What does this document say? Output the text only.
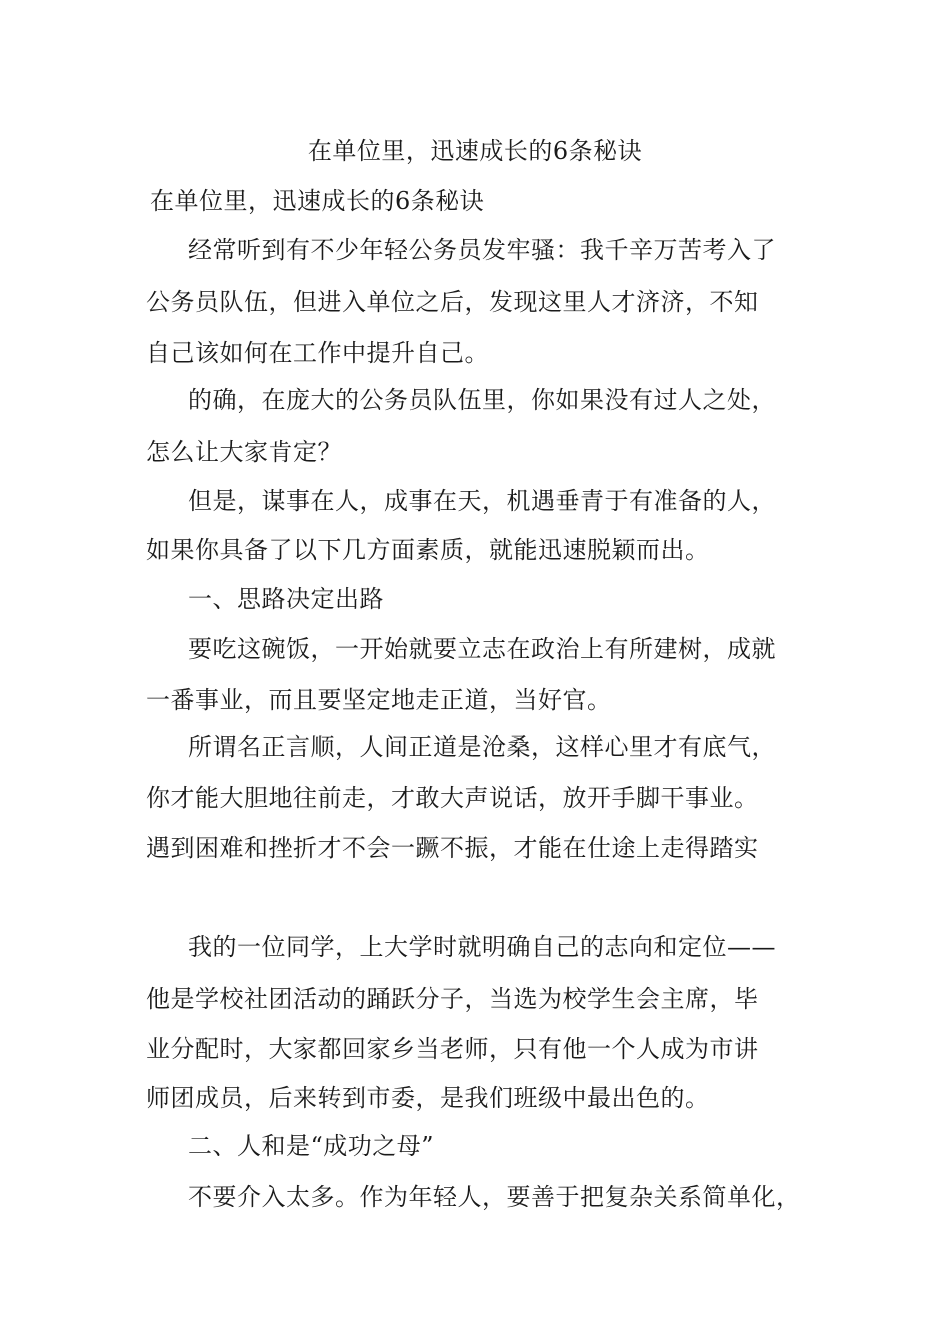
在单位里，迅速成长的6条秘诀
在单位里，迅速成长的6条秘诀
经常听到有不少年轻公务员发牢骚：我千辛万苦考入了
公务员队伍，但进入单位之后，发现这里人才济济，不知
自己该如何在工作中提升自己。
的确，在庞大的公务员队伍里，你如果没有过人之处，
怎么让大家肯定？
但是，谋事在人，成事在天，机遇垂青于有准备的人，
如果你具备了以下几方面素质，就能迅速脱颖而出。
一、思路决定出路
要吃这碗饭，一开始就要立志在政治上有所建树，成就
一番事业，而且要坚定地走正道，当好官。
所谓名正言顺，人间正道是沧桑，这样心里才有底气，
你才能大胆地往前走，才敢大声说话，放开手脚干事业。
遇到困难和挫折才不会一蹶不振，才能在仕途上走得踏实
我的一位同学，上大学时就明确自己的志向和定位——
他是学校社团活动的踊跃分子，当选为校学生会主席，毕
业分配时，大家都回家乡当老师，只有他一个人成为市讲
师团成员，后来转到市委，是我们班级中最出色的。
二、人和是“成功之母”
不要介入太多。作为年轻人，要善于把复杂关系简单化，
